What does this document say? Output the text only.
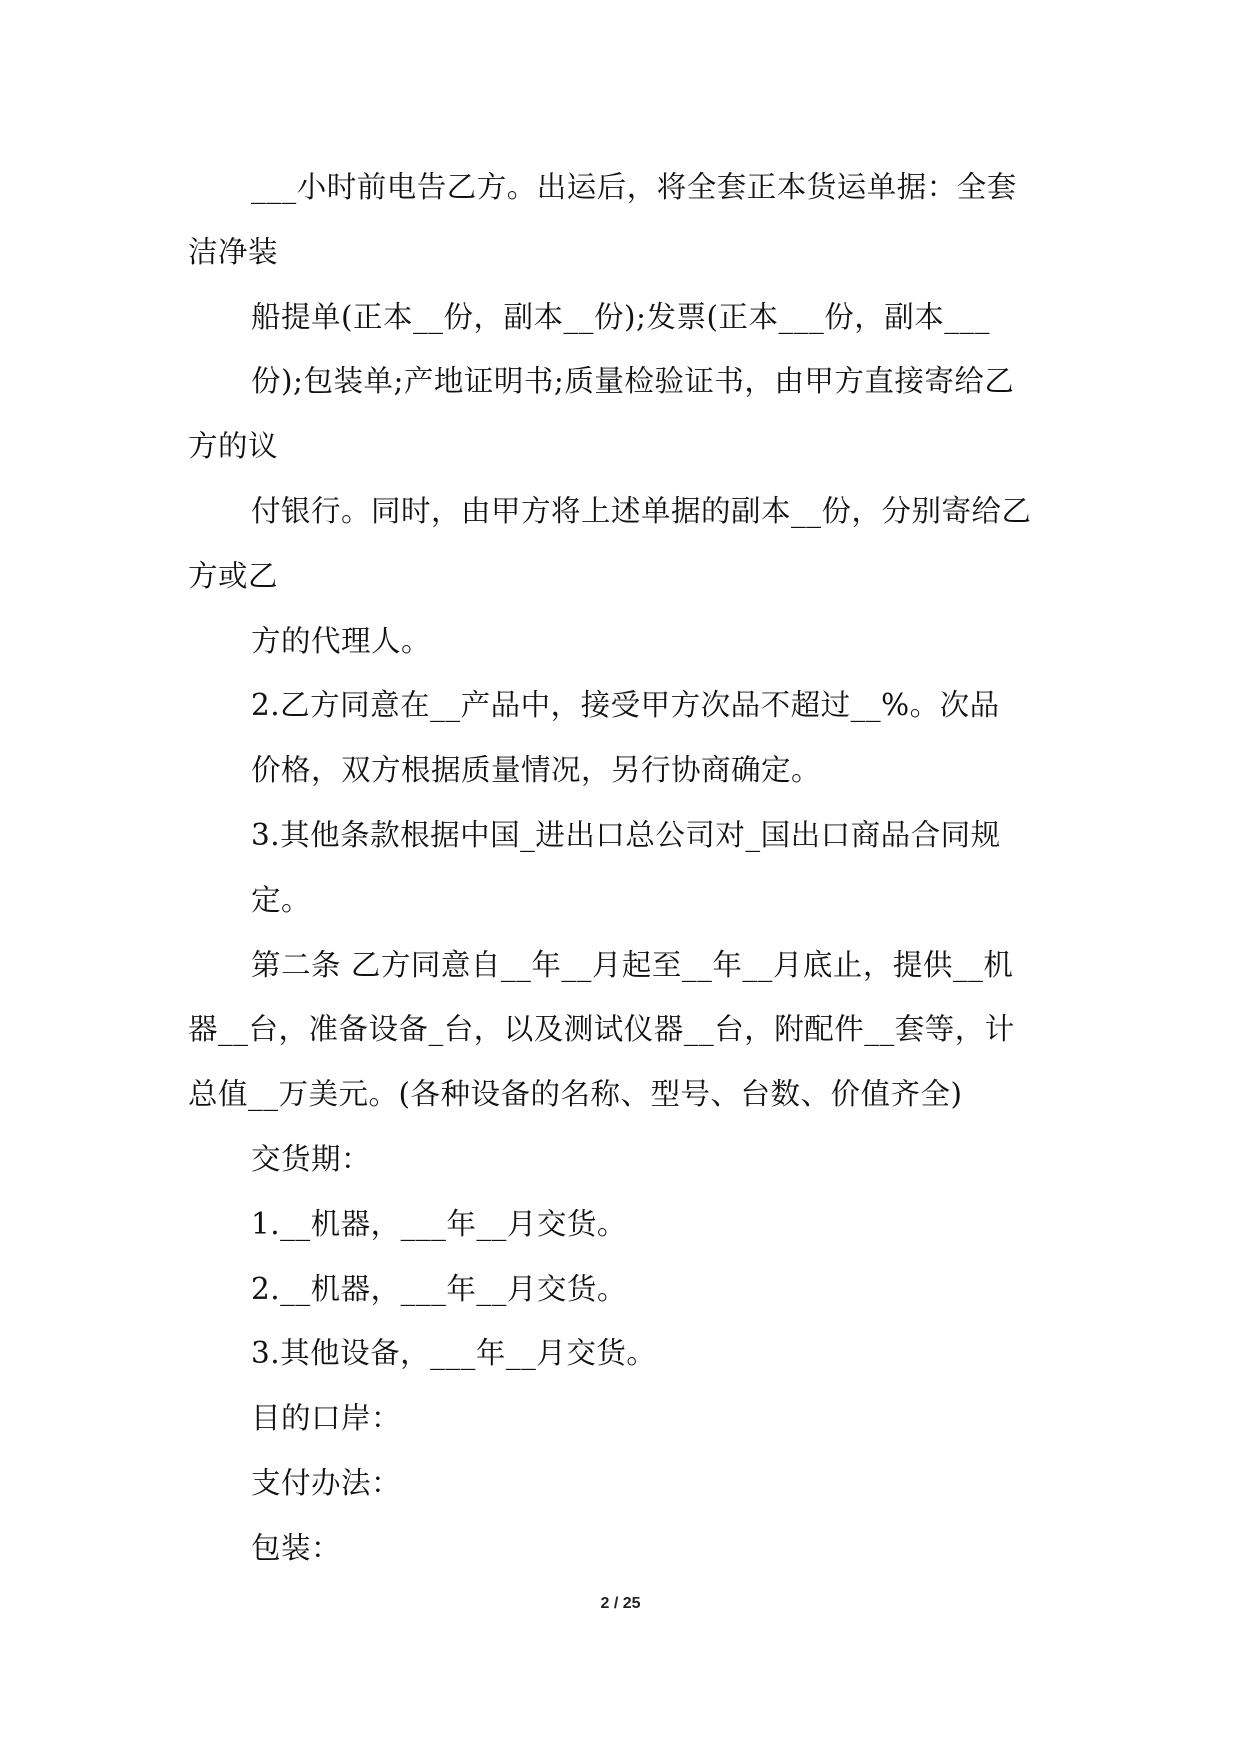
___小时前电告乙方。出运后，将全套正本货运单据：全套
洁净装
船提单(正本__份，副本__份);发票(正本___份，副本___
份);包装单;产地证明书;质量检验证书，由甲方直接寄给乙
方的议
付银行。同时，由甲方将上述单据的副本__份，分别寄给乙
方或乙
方的代理人。
2.乙方同意在__产品中，接受甲方次品不超过__%。次品
价格，双方根据质量情况，另行协商确定。
3.其他条款根据中国_进出口总公司对_国出口商品合同规
定。
第二条 乙方同意自__年__月起至__年__月底止，提供__机
器__台，准备设备_台，以及测试仪器__台，附配件__套等，计
总值__万美元。(各种设备的名称、型号、台数、价值齐全)
交货期：
1.__机器，___年__月交货。
2.__机器，___年__月交货。
3.其他设备，___年__月交货。
目的口岸：
支付办法：
包装：
2 / 25
